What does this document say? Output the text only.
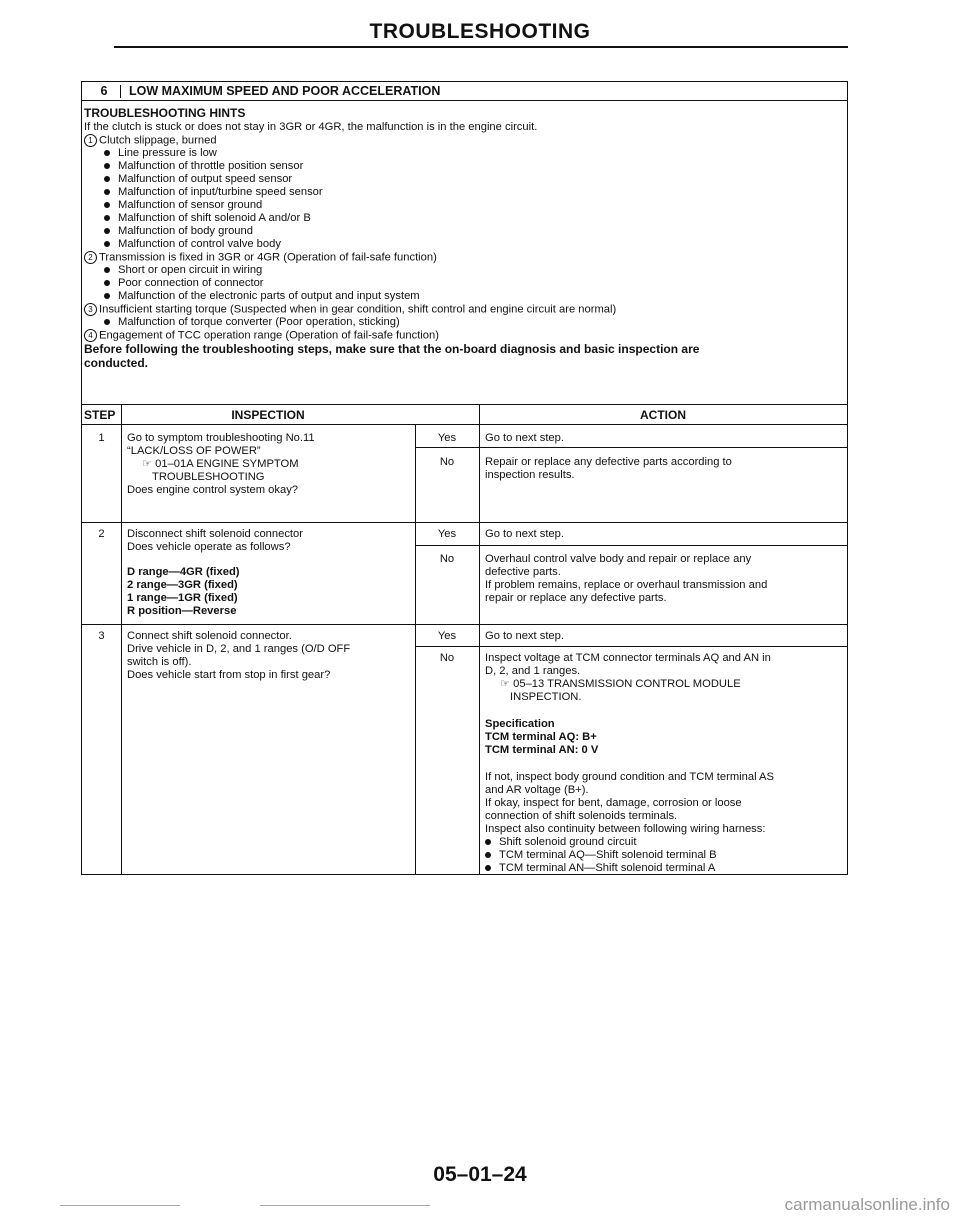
TROUBLESHOOTING
6	LOW MAXIMUM SPEED AND POOR ACCELERATION
TROUBLESHOOTING HINTS
If the clutch is stuck or does not stay in 3GR or 4GR, the malfunction is in the engine circuit.
1 Clutch slippage, burned
Line pressure is low
Malfunction of throttle position sensor
Malfunction of output speed sensor
Malfunction of input/turbine speed sensor
Malfunction of sensor ground
Malfunction of shift solenoid A and/or B
Malfunction of body ground
Malfunction of control valve body
2 Transmission is fixed in 3GR or 4GR (Operation of fail-safe function)
Short or open circuit in wiring
Poor connection of connector
Malfunction of the electronic parts of output and input system
3 Insufficient starting torque (Suspected when in gear condition, shift control and engine circuit are normal)
Malfunction of torque converter (Poor operation, sticking)
4 Engagement of TCC operation range (Operation of fail-safe function)
Before following the troubleshooting steps, make sure that the on-board diagnosis and basic inspection are
conducted.
STEP	INSPECTION	ACTION
1	Go to symptom troubleshooting No.11
“LACK/LOSS OF POWER”
☞ 01–01A ENGINE SYMPTOM
TROUBLESHOOTING
Does engine control system okay?
Yes	Go to next step.
No	Repair or replace any defective parts according to
inspection results.
2	Disconnect shift solenoid connector
Does vehicle operate as follows?
D range—4GR (fixed)
2 range—3GR (fixed)
1 range—1GR (fixed)
R position—Reverse
Yes	Go to next step.
No	Overhaul control valve body and repair or replace any
defective parts.
If problem remains, replace or overhaul transmission and
repair or replace any defective parts.
3	Connect shift solenoid connector.
Drive vehicle in D, 2, and 1 ranges (O/D OFF
switch is off).
Does vehicle start from stop in first gear?
Yes	Go to next step.
No	Inspect voltage at TCM connector terminals AQ and AN in
D, 2, and 1 ranges.
☞ 05–13 TRANSMISSION CONTROL MODULE
INSPECTION.
Specification
TCM terminal AQ: B+
TCM terminal AN: 0 V
If not, inspect body ground condition and TCM terminal AS
and AR voltage (B+).
If okay, inspect for bent, damage, corrosion or loose
connection of shift solenoids terminals.
Inspect also continuity between following wiring harness:
Shift solenoid ground circuit
TCM terminal AQ—Shift solenoid terminal B
TCM terminal AN—Shift solenoid terminal A
05–01–24
carmanualsonline.info
